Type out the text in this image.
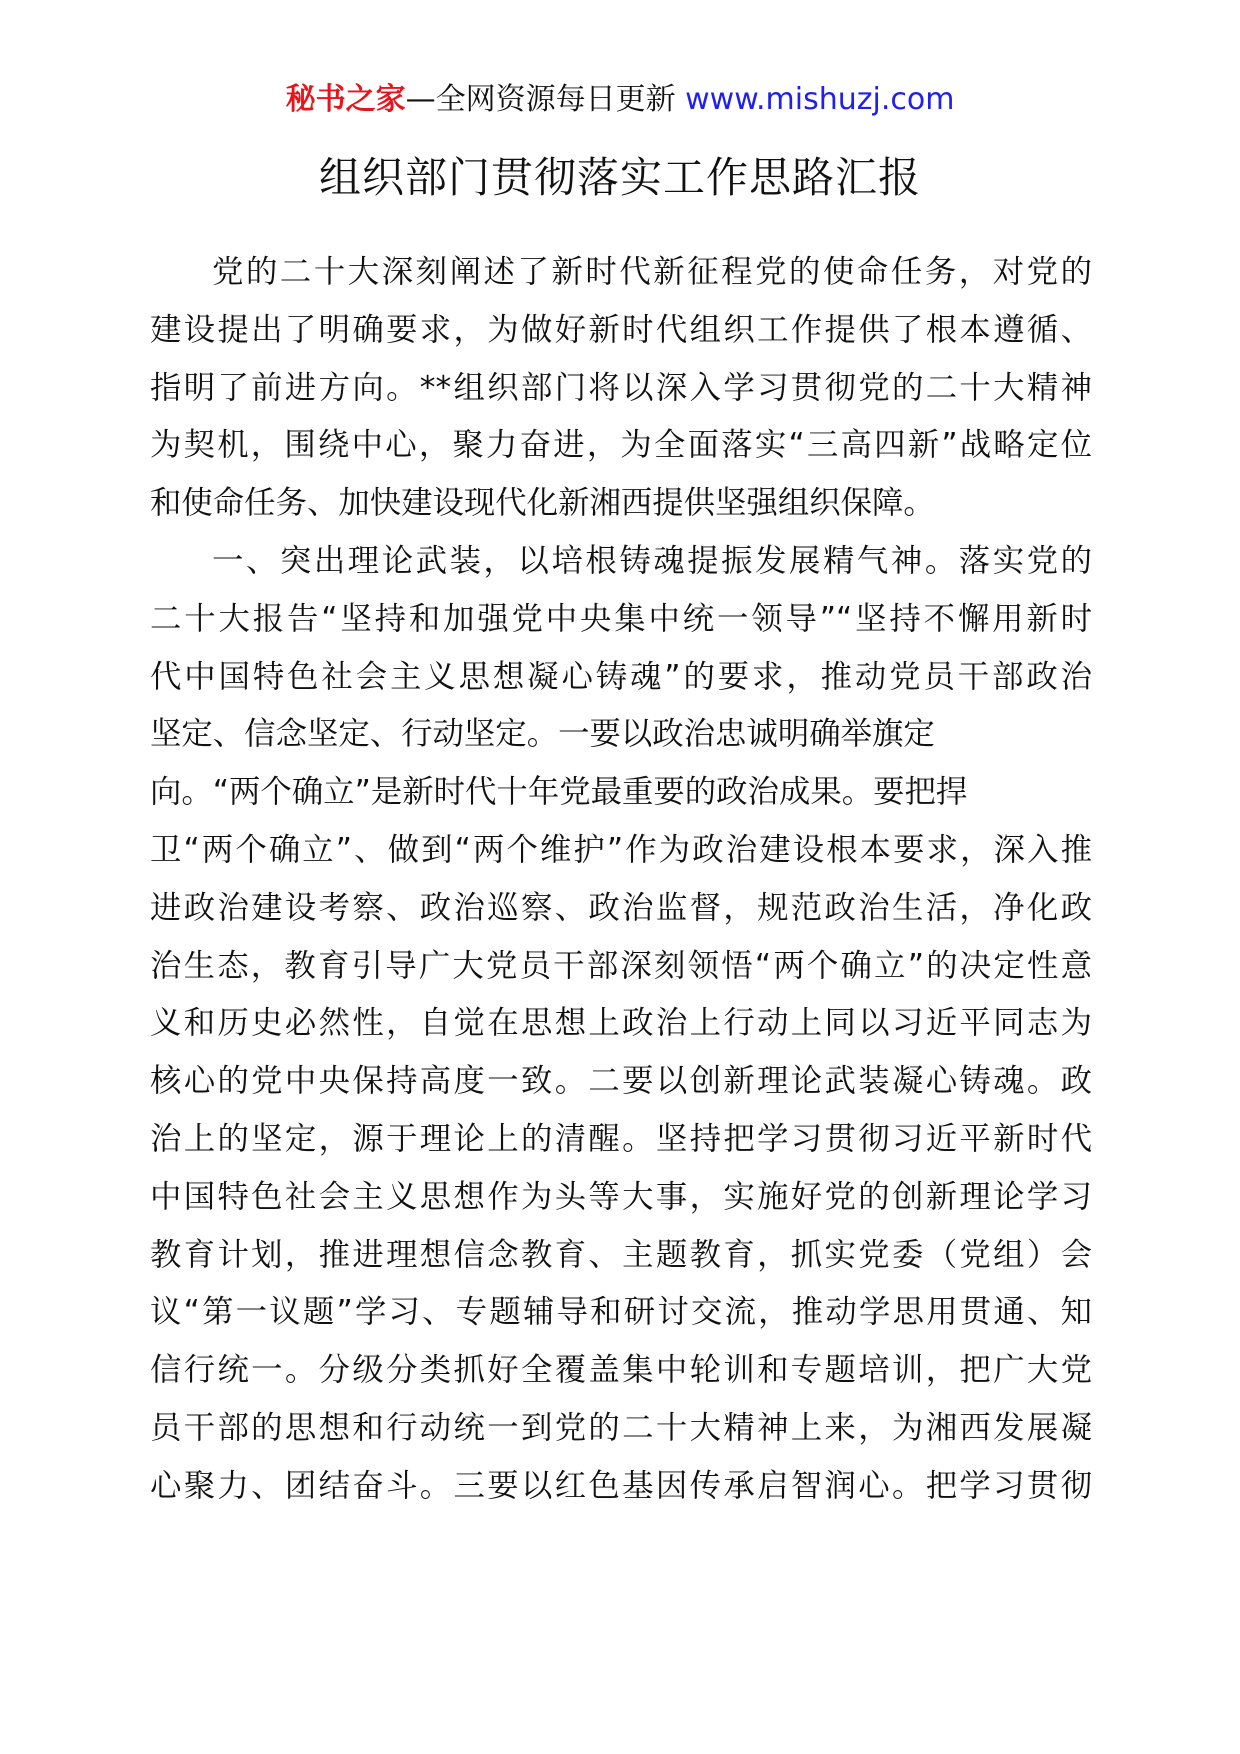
秘书之家—全网资源每日更新 www.mishuzj.com
组织部门贯彻落实工作思路汇报
党的二十大深刻阐述了新时代新征程党的使命任务，对党的
建设提出了明确要求，为做好新时代组织工作提供了根本遵循、
指明了前进方向。**组织部门将以深入学习贯彻党的二十大精神
为契机，围绕中心，聚力奋进，为全面落实“三高四新”战略定位
和使命任务、加快建设现代化新湘西提供坚强组织保障。
一、突出理论武装，以培根铸魂提振发展精气神。落实党的
二十大报告“坚持和加强党中央集中统一领导”“坚持不懈用新时
代中国特色社会主义思想凝心铸魂”的要求，推动党员干部政治
坚定、信念坚定、行动坚定。一要以政治忠诚明确举旗定
向。“两个确立”是新时代十年党最重要的政治成果。要把捍
卫“两个确立”、做到“两个维护”作为政治建设根本要求，深入推
进政治建设考察、政治巡察、政治监督，规范政治生活，净化政
治生态，教育引导广大党员干部深刻领悟“两个确立”的决定性意
义和历史必然性，自觉在思想上政治上行动上同以习近平同志为
核心的党中央保持高度一致。二要以创新理论武装凝心铸魂。政
治上的坚定，源于理论上的清醒。坚持把学习贯彻习近平新时代
中国特色社会主义思想作为头等大事，实施好党的创新理论学习
教育计划，推进理想信念教育、主题教育，抓实党委（党组）会
议“第一议题”学习、专题辅导和研讨交流，推动学思用贯通、知
信行统一。分级分类抓好全覆盖集中轮训和专题培训，把广大党
员干部的思想和行动统一到党的二十大精神上来，为湘西发展凝
心聚力、团结奋斗。三要以红色基因传承启智润心。把学习贯彻
